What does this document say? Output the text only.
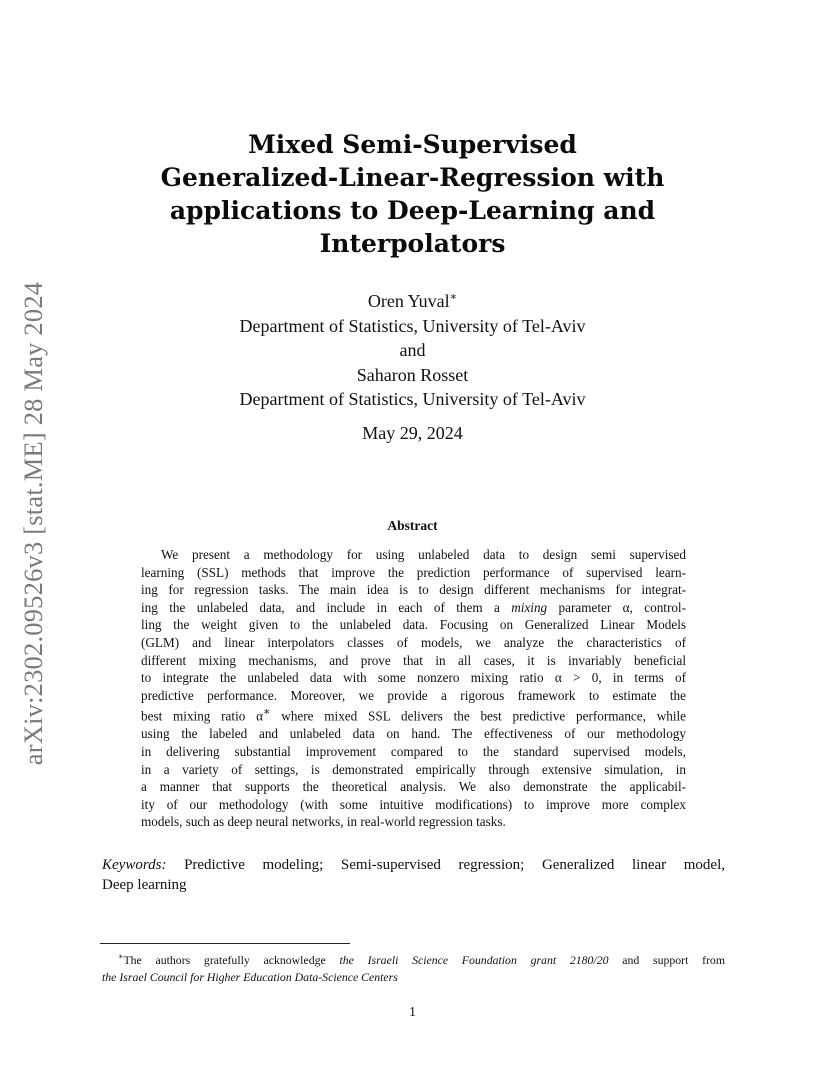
arXiv:2302.09526v3 [stat.ME] 28 May 2024
Mixed Semi-Supervised
Generalized-Linear-Regression with
applications to Deep-Learning and
Interpolators
Oren Yuval∗
Department of Statistics, University of Tel-Aviv
and
Saharon Rosset
Department of Statistics, University of Tel-Aviv
May 29, 2024
Abstract
We present a methodology for using unlabeled data to design semi supervised
learning (SSL) methods that improve the prediction performance of supervised learn-
ing for regression tasks. The main idea is to design different mechanisms for integrat-
ing the unlabeled data, and include in each of them a mixing parameter α, control-
ling the weight given to the unlabeled data. Focusing on Generalized Linear Models
(GLM) and linear interpolators classes of models, we analyze the characteristics of
different mixing mechanisms, and prove that in all cases, it is invariably beneficial
to integrate the unlabeled data with some nonzero mixing ratio α > 0, in terms of
predictive performance. Moreover, we provide a rigorous framework to estimate the
best mixing ratio α∗ where mixed SSL delivers the best predictive performance, while
using the labeled and unlabeled data on hand. The effectiveness of our methodology
in delivering substantial improvement compared to the standard supervised models,
in a variety of settings, is demonstrated empirically through extensive simulation, in
a manner that supports the theoretical analysis. We also demonstrate the applicabil-
ity of our methodology (with some intuitive modifications) to improve more complex
models, such as deep neural networks, in real-world regression tasks.
Keywords: Predictive modeling; Semi-supervised regression; Generalized linear model,
Deep learning
∗The authors gratefully acknowledge the Israeli Science Foundation grant 2180/20 and support from
the Israel Council for Higher Education Data-Science Centers
1
